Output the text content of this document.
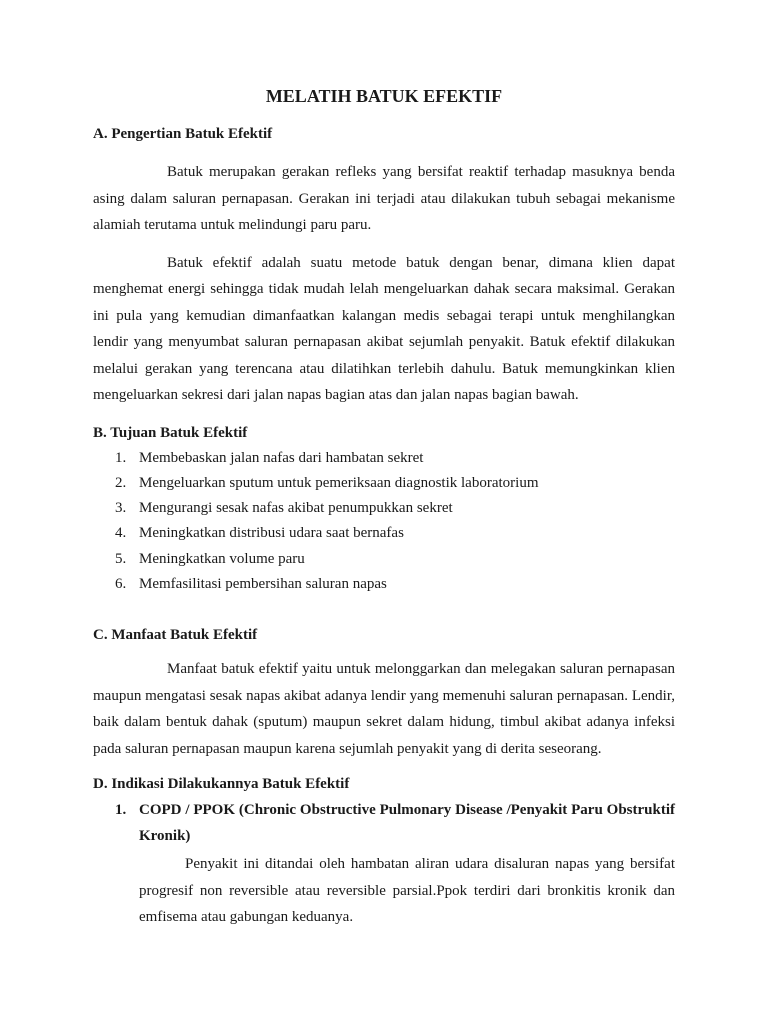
MELATIH BATUK EFEKTIF
A. Pengertian Batuk Efektif

Batuk merupakan gerakan refleks yang bersifat reaktif terhadap masuknya benda asing dalam saluran pernapasan. Gerakan ini terjadi atau dilakukan tubuh sebagai mekanisme alamiah terutama untuk melindungi paru paru.

Batuk efektif adalah suatu metode batuk dengan benar, dimana klien dapat menghemat energi sehingga tidak mudah lelah mengeluarkan dahak secara maksimal. Gerakan ini pula yang kemudian dimanfaatkan kalangan medis sebagai terapi untuk menghilangkan lendir yang menyumbat saluran pernapasan akibat sejumlah penyakit. Batuk efektif dilakukan melalui gerakan yang terencana atau dilatihkan terlebih dahulu. Batuk memungkinkan klien mengeluarkan sekresi dari jalan napas bagian atas dan jalan napas bagian bawah.

B. Tujuan Batuk Efektif
1. Membebaskan jalan nafas dari hambatan sekret
2. Mengeluarkan sputum untuk pemeriksaan diagnostik laboratorium
3. Mengurangi sesak nafas akibat penumpukkan sekret
4. Meningkatkan distribusi udara saat bernafas
5. Meningkatkan volume paru
6. Memfasilitasi pembersihan saluran napas
C. Manfaat Batuk Efektif

Manfaat batuk efektif yaitu untuk melonggarkan dan melegakan saluran pernapasan maupun mengatasi sesak napas akibat adanya lendir yang memenuhi saluran pernapasan. Lendir, baik dalam bentuk dahak (sputum) maupun sekret dalam hidung, timbul akibat adanya infeksi pada saluran pernapasan maupun karena sejumlah penyakit yang di derita seseorang.

D. Indikasi Dilakukannya Batuk Efektif
1. COPD / PPOK (Chronic Obstructive Pulmonary Disease /Penyakit Paru Obstruktif Kronik)

Penyakit ini ditandai oleh hambatan aliran udara disaluran napas yang bersifat progresif non reversible atau reversible parsial.Ppok terdiri dari bronkitis kronik dan emfisema atau gabungan keduanya.
